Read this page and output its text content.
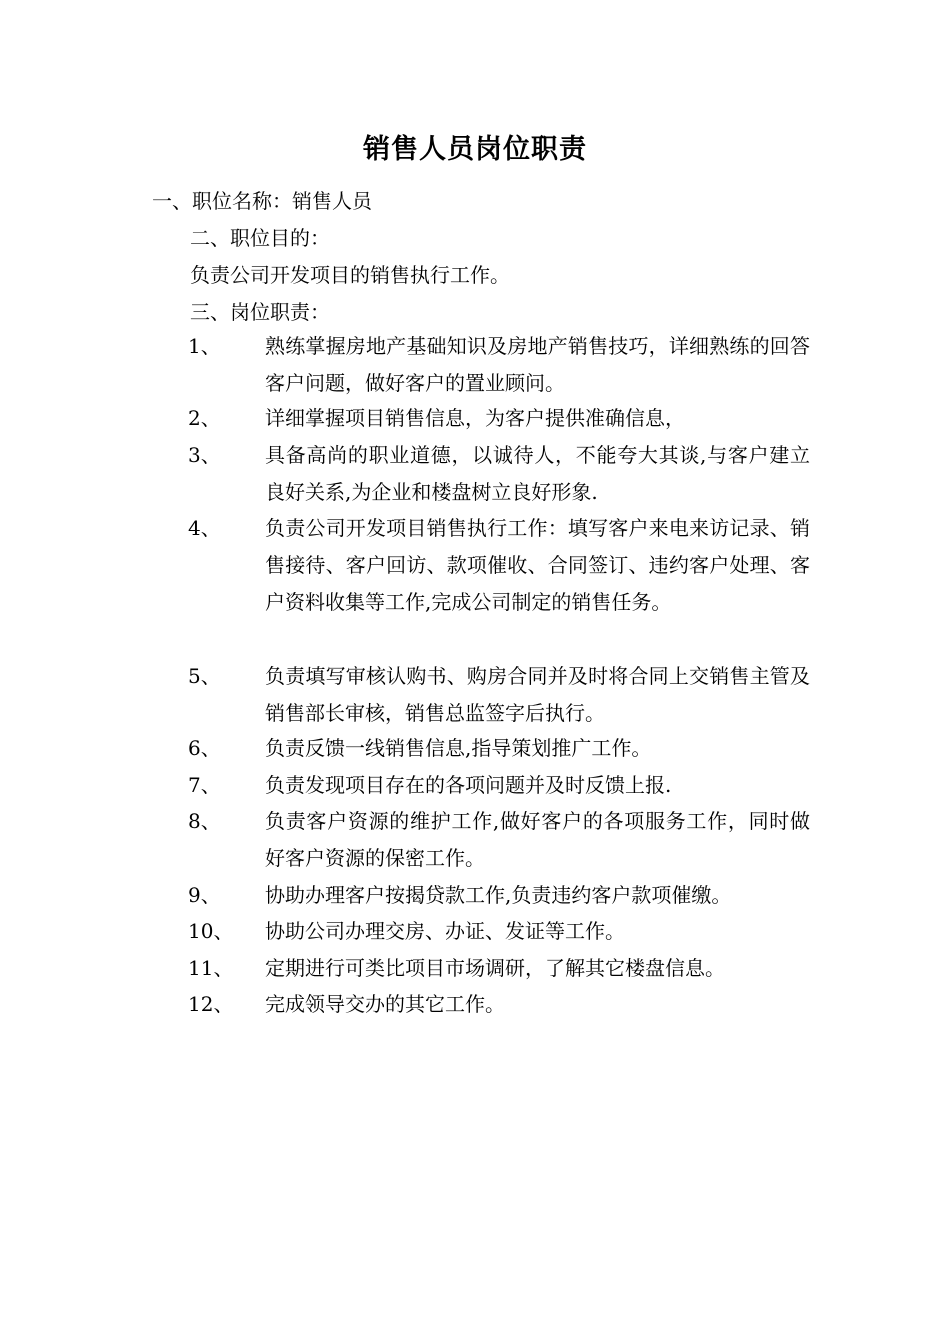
销售人员岗位职责
一、职位名称：销售人员
二、职位目的：
负责公司开发项目的销售执行工作。
三、岗位职责：
1、 熟练掌握房地产基础知识及房地产销售技巧，详细熟练的回答客户问题，做好客户的置业顾问。
2、 详细掌握项目销售信息，为客户提供准确信息，
3、 具备高尚的职业道德，以诚待人，不能夸大其谈,与客户建立良好关系,为企业和楼盘树立良好形象.
4、 负责公司开发项目销售执行工作：填写客户来电来访记录、销售接待、客户回访、款项催收、合同签订、违约客户处理、客户资料收集等工作,完成公司制定的销售任务。
5、 负责填写审核认购书、购房合同并及时将合同上交销售主管及销售部长审核，销售总监签字后执行。
6、 负责反馈一线销售信息,指导策划推广工作。
7、 负责发现项目存在的各项问题并及时反馈上报.
8、 负责客户资源的维护工作,做好客户的各项服务工作，同时做好客户资源的保密工作。
9、 协助办理客户按揭贷款工作,负责违约客户款项催缴。
10、 协助公司办理交房、办证、发证等工作。
11、 定期进行可类比项目市场调研，了解其它楼盘信息。
12、 完成领导交办的其它工作。
